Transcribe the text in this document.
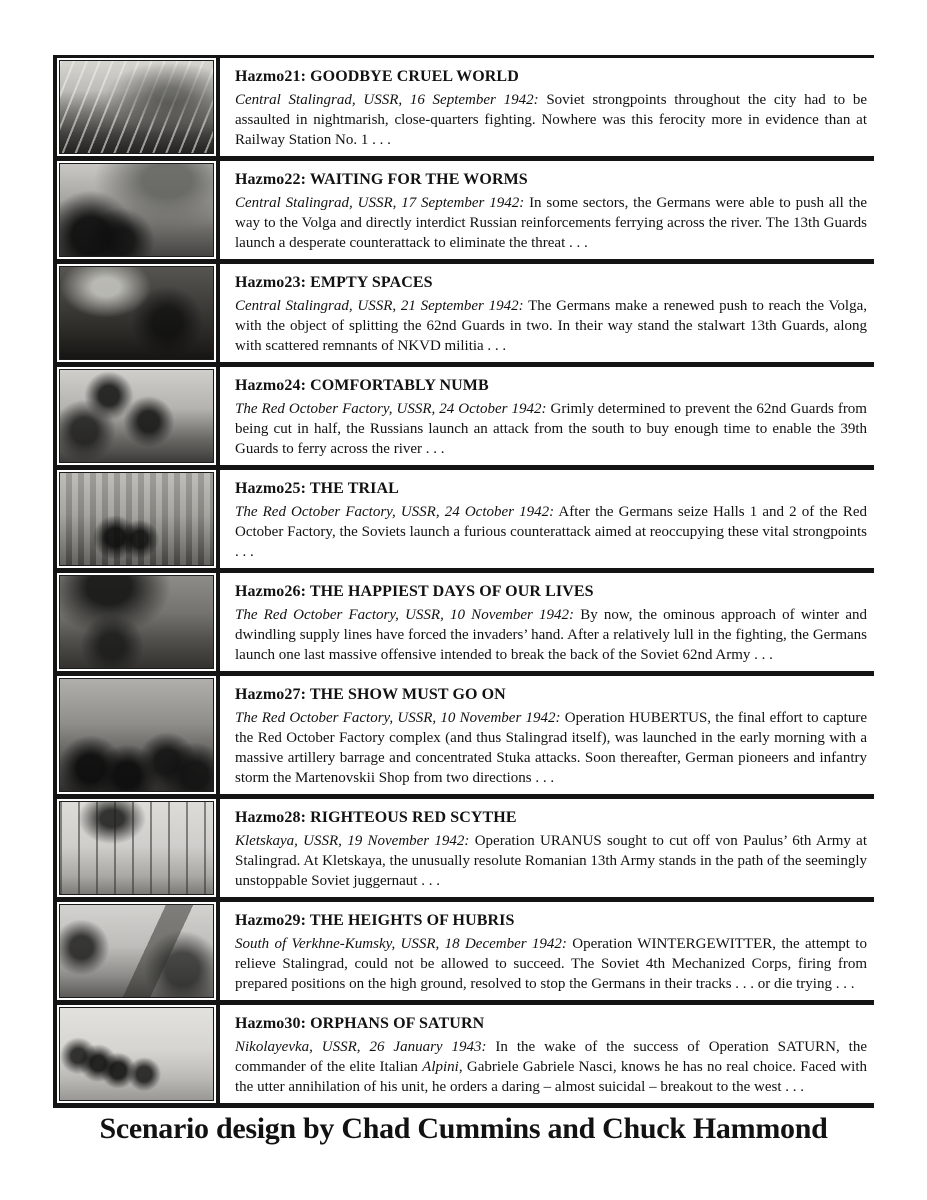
Hazmo21: GOODBYE CRUEL WORLD

Central Stalingrad, USSR, 16 September 1942: Soviet strongpoints throughout the city had to be assaulted in nightmarish, close-quarters fighting. Nowhere was this ferocity more in evidence than at Railway Station No. 1 . . .

Hazmo22: WAITING FOR THE WORMS

Central Stalingrad, USSR, 17 September 1942: In some sectors, the Germans were able to push all the way to the Volga and directly interdict Russian reinforcements ferrying across the river. The 13th Guards launch a desperate counterattack to eliminate the threat . . .

Hazmo23: EMPTY SPACES

Central Stalingrad, USSR, 21 September 1942: The Germans make a renewed push to reach the Volga, with the object of splitting the 62nd Guards in two. In their way stand the stalwart 13th Guards, along with scattered remnants of NKVD militia . . .

Hazmo24: COMFORTABLY NUMB

The Red October Factory, USSR, 24 October 1942: Grimly determined to prevent the 62nd Guards from being cut in half, the Russians launch an attack from the south to buy enough time to enable the 39th Guards to ferry across the river . . .

Hazmo25: THE TRIAL

The Red October Factory, USSR, 24 October 1942: After the Germans seize Halls 1 and 2 of the Red October Factory, the Soviets launch a furious counterattack aimed at reoccupying these vital strongpoints . . .

Hazmo26: THE HAPPIEST DAYS OF OUR LIVES

The Red October Factory, USSR, 10 November 1942: By now, the ominous approach of winter and dwindling supply lines have forced the invaders’ hand. After a relatively lull in the fighting, the Germans launch one last massive offensive intended to break the back of the Soviet 62nd Army . . .

Hazmo27: THE SHOW MUST GO ON

The Red October Factory, USSR, 10 November 1942: Operation HUBERTUS, the final effort to capture the Red October Factory complex (and thus Stalingrad itself), was launched in the early morning with a massive artillery barrage and concentrated Stuka attacks. Soon thereafter, German pioneers and infantry storm the Martenovskii Shop from two directions . . .

Hazmo28: RIGHTEOUS RED SCYTHE

Kletskaya, USSR, 19 November 1942: Operation URANUS sought to cut off von Paulus’ 6th Army at Stalingrad. At Kletskaya, the unusually resolute Romanian 13th Army stands in the path of the seemingly unstoppable Soviet juggernaut . . .

Hazmo29: THE HEIGHTS OF HUBRIS

South of Verkhne-Kumsky, USSR, 18 December 1942: Operation WINTERGEWITTER, the attempt to relieve Stalingrad, could not be allowed to succeed. The Soviet 4th Mechanized Corps, firing from prepared positions on the high ground, resolved to stop the Germans in their tracks . . . or die trying . . .

Hazmo30: ORPHANS OF SATURN

Nikolayevka, USSR, 26 January 1943: In the wake of the success of Operation SATURN, the commander of the elite Italian Alpini, Gabriele Gabriele Nasci, knows he has no real choice. Faced with the utter annihilation of his unit, he orders a daring – almost suicidal – breakout to the west . . .

Scenario design by Chad Cummins and Chuck Hammond
